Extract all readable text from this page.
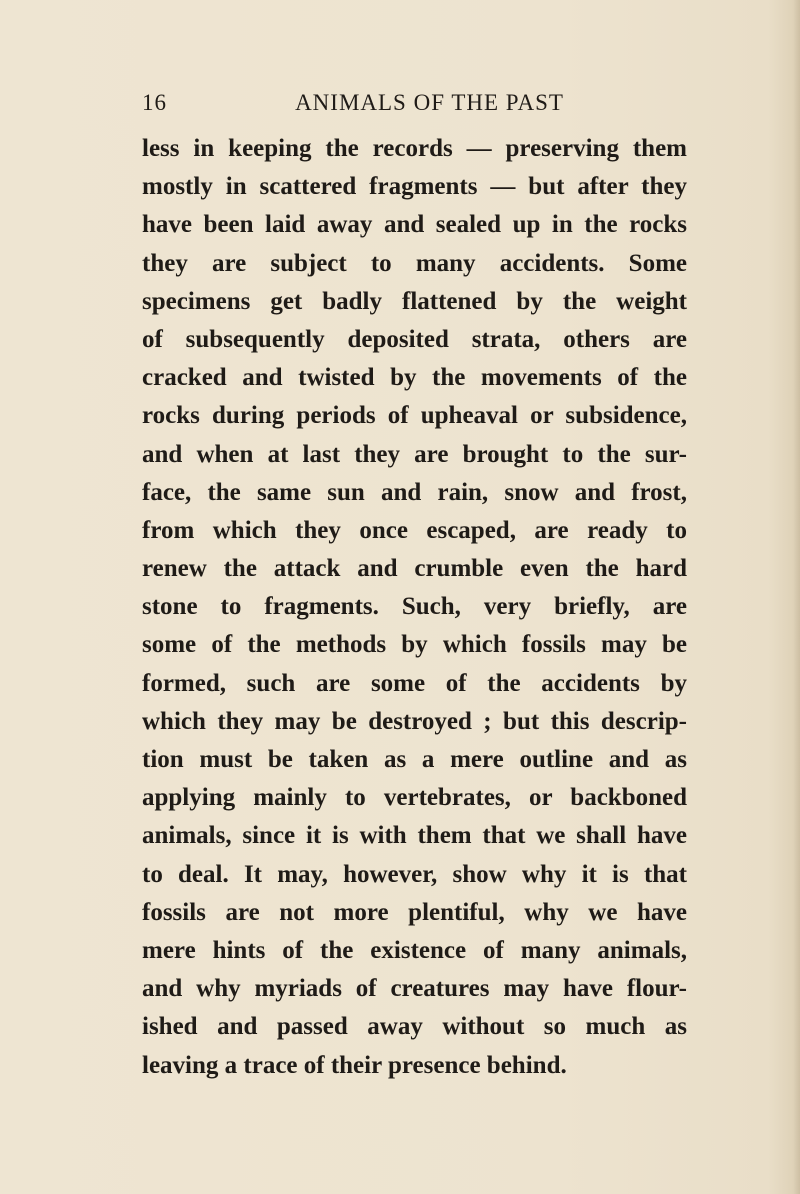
16	ANIMALS OF THE PAST
less in keeping the records — preserving them
mostly in scattered fragments — but after they
have been laid away and sealed up in the rocks
they are subject to many accidents. Some
specimens get badly flattened by the weight
of subsequently deposited strata, others are
cracked and twisted by the movements of the
rocks during periods of upheaval or subsidence,
and when at last they are brought to the sur-
face, the same sun and rain, snow and frost,
from which they once escaped, are ready to
renew the attack and crumble even the hard
stone to fragments. Such, very briefly, are
some of the methods by which fossils may be
formed, such are some of the accidents by
which they may be destroyed ; but this descrip-
tion must be taken as a mere outline and as
applying mainly to vertebrates, or backboned
animals, since it is with them that we shall have
to deal. It may, however, show why it is that
fossils are not more plentiful, why we have
mere hints of the existence of many animals,
and why myriads of creatures may have flour-
ished and passed away without so much as
leaving a trace of their presence behind.
